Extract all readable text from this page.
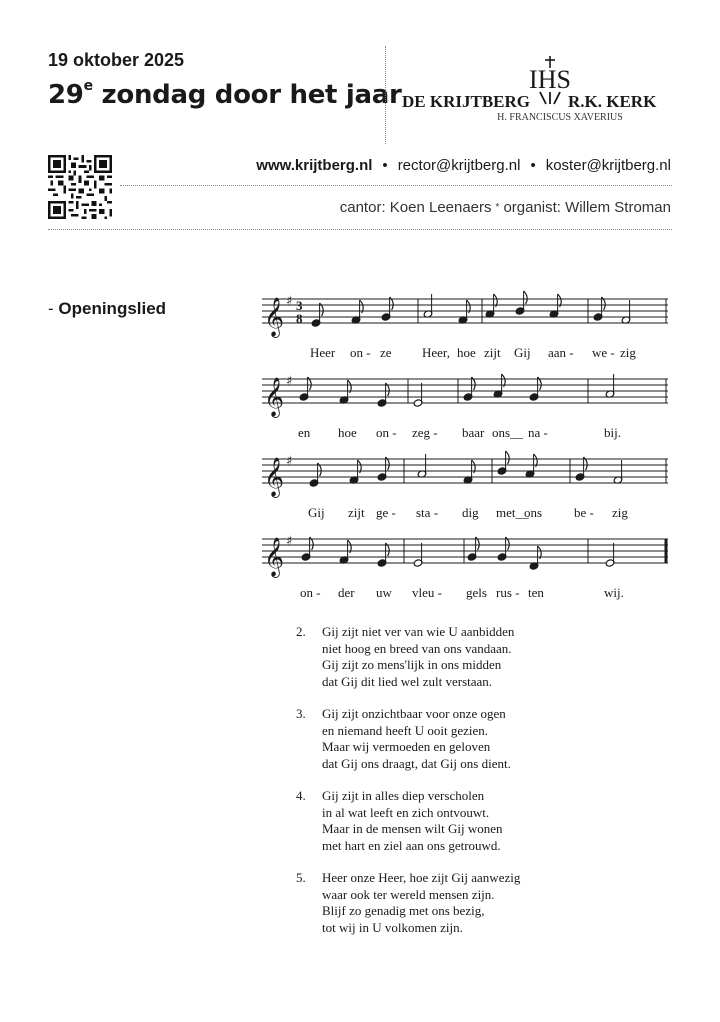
19 oktober 2025
29e zondag door het jaar
IHS
DE KRIJTBERG R.K. KERK
H. FRANCISCUS XAVERIUS
www.krijtberg.nl • rector@krijtberg.nl • koster@krijtberg.nl
cantor: Koen Leenaers * organist: Willem Stroman
- Openingslied	𝄞 ♯ 3
8
Heer on - ze Heer, hoe zijt Gij aan - we - zig
𝄞 ♯
en hoe on - zeg - baar ons__ na -	bij.
𝄞 ♯
Gij zijt ge - sta - dig met__
ons be - zig
𝄞 ♯
on - der uw vleu - gels rus - ten	wij.
2.	Gij zijt niet ver van wie U aanbidden
niet hoog en breed van ons vandaan.
Gij zijt zo mens'lijk in ons midden
dat Gij dit lied wel zult verstaan.
3.	Gij zijt onzichtbaar voor onze ogen
en niemand heeft U ooit gezien.
Maar wij vermoeden en geloven
dat Gij ons draagt, dat Gij ons dient.
4.	Gij zijt in alles diep verscholen
in al wat leeft en zich ontvouwt.
Maar in de mensen wilt Gij wonen
met hart en ziel aan ons getrouwd.
5.	Heer onze Heer, hoe zijt Gij aanwezig
waar ook ter wereld mensen zijn.
Blijf zo genadig met ons bezig,
tot wij in U volkomen zijn.
